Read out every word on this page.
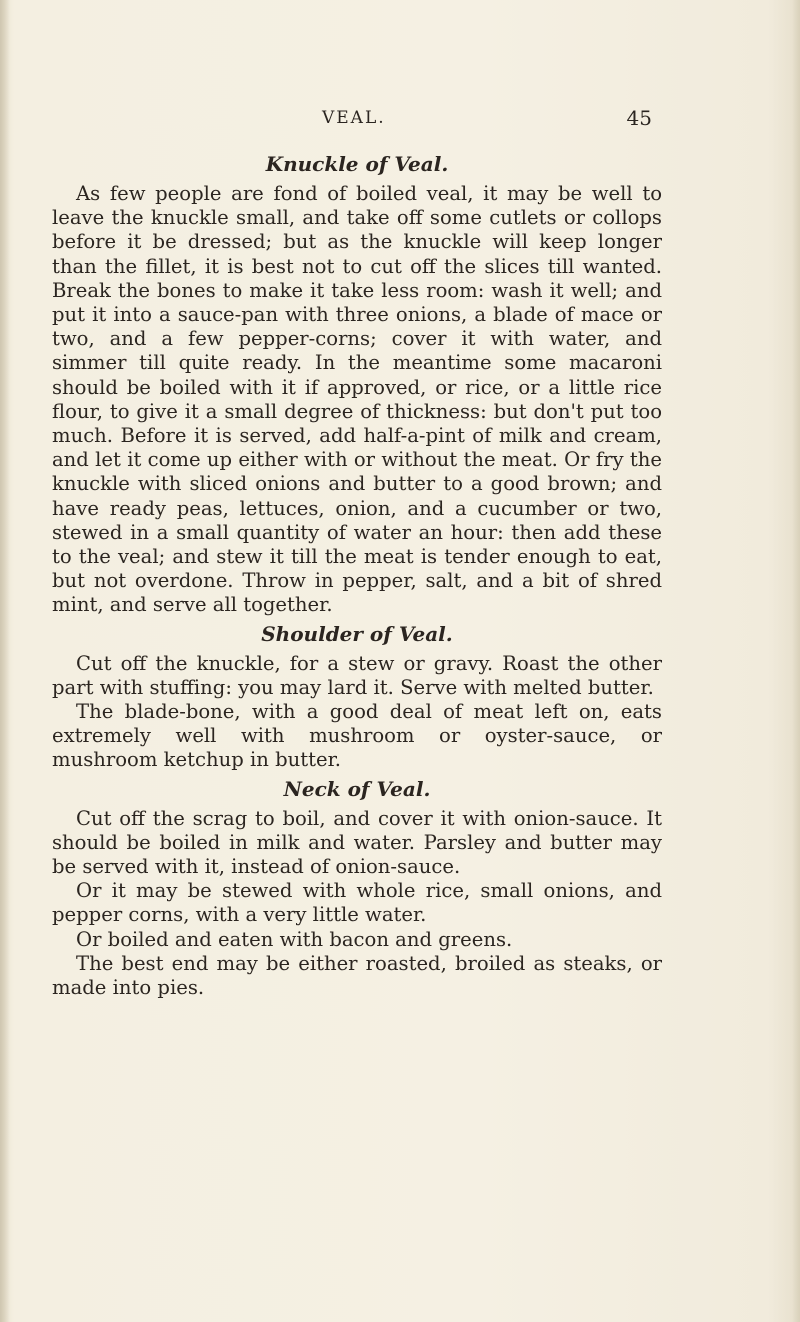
VEAL.	45
Knuckle of Veal.

As few people are fond of boiled veal, it may be well to leave the knuckle small, and take off some cutlets or collops before it be dressed; but as the knuckle will keep longer than the fillet, it is best not to cut off the slices till wanted. Break the bones to make it take less room: wash it well; and put it into a sauce-pan with three onions, a blade of mace or two, and a few pepper-corns; cover it with water, and simmer till quite ready. In the meantime some macaroni should be boiled with it if approved, or rice, or a little rice flour, to give it a small degree of thickness: but don't put too much. Before it is served, add half-a-pint of milk and cream, and let it come up either with or without the meat. Or fry the knuckle with sliced onions and butter to a good brown; and have ready peas, lettuces, onion, and a cucumber or two, stewed in a small quantity of water an hour: then add these to the veal; and stew it till the meat is tender enough to eat, but not overdone. Throw in pepper, salt, and a bit of shred mint, and serve all together.

Shoulder of Veal.

Cut off the knuckle, for a stew or gravy. Roast the other part with stuffing: you may lard it. Serve with melted butter.

The blade-bone, with a good deal of meat left on, eats extremely well with mushroom or oyster-sauce, or mushroom ketchup in butter.

Neck of Veal.

Cut off the scrag to boil, and cover it with onion-sauce. It should be boiled in milk and water. Parsley and butter may be served with it, instead of onion-sauce.

Or it may be stewed with whole rice, small onions, and pepper corns, with a very little water.

Or boiled and eaten with bacon and greens.

The best end may be either roasted, broiled as steaks, or made into pies.
